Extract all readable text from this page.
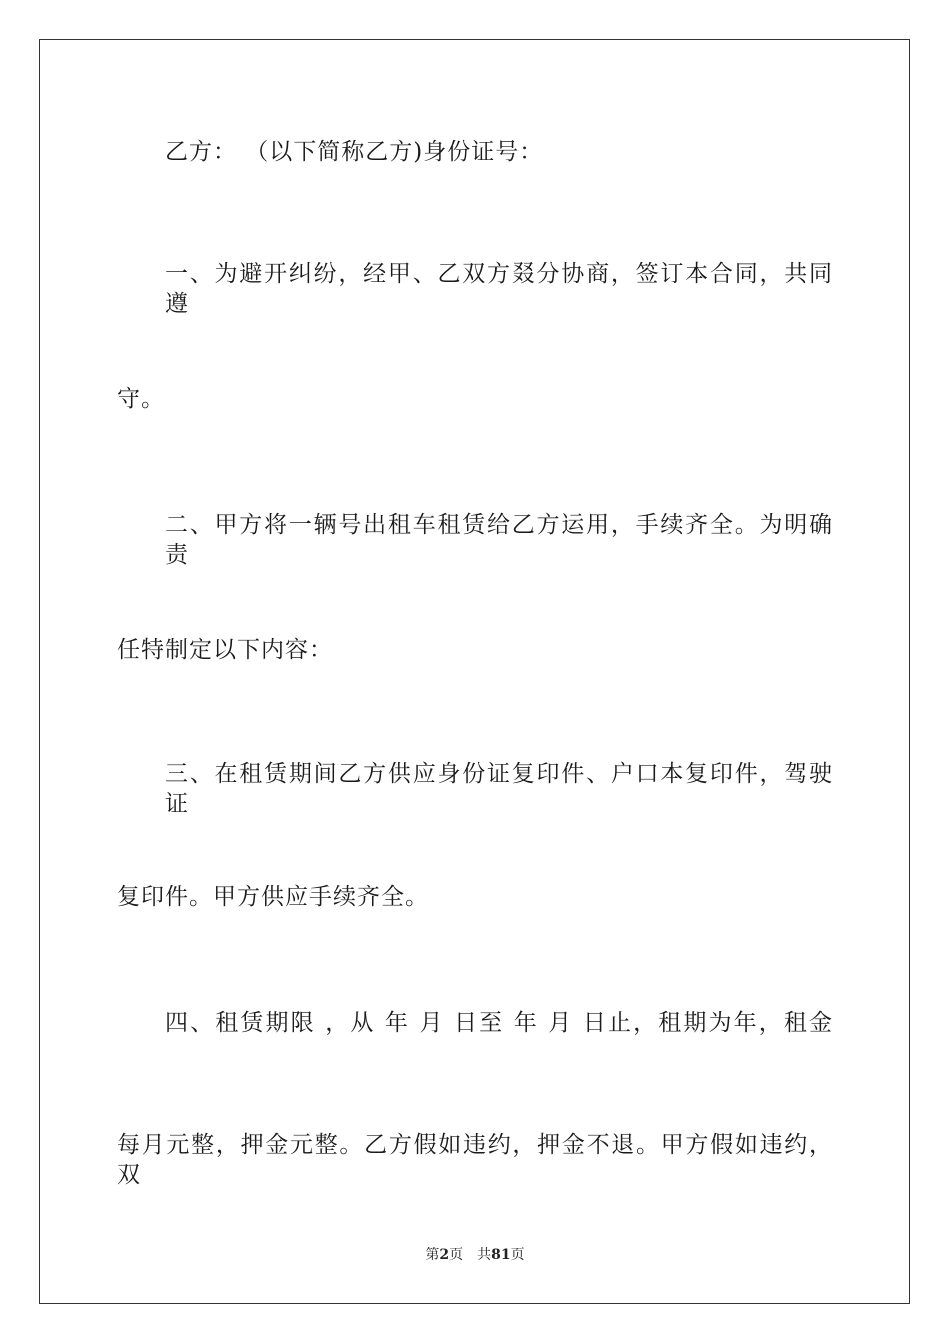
乙方： （以下简称乙方)身份证号：
一、为避开纠纷，经甲、乙双方叕分协商，签订本合同，共同遵
守。
二、甲方将一辆号出租车租赁给乙方运用，手续齐全。为明确责
任特制定以下内容：
三、在租赁期间乙方供应身份证复印件、户口本复印件，驾驶证
复印件。甲方供应手续齐全。
四、租赁期限 ，从 年 月 日至 年 月 日止，租期为年，租金
每月元整，押金元整。乙方假如违约，押金不退。甲方假如违约，双
第2页 共81页
